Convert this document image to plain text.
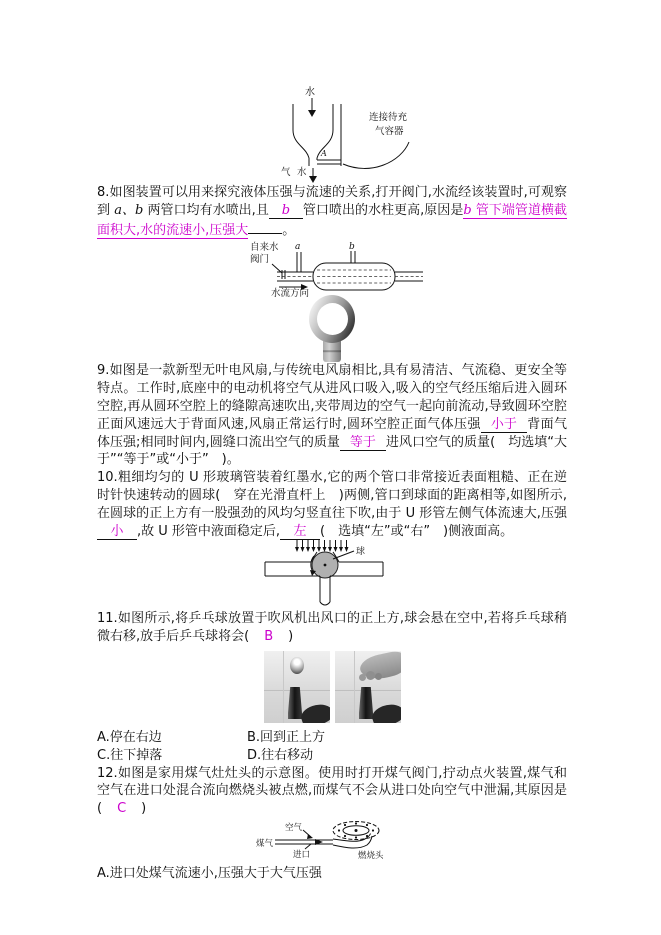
水
A
连接待充
气容器
气 水

8.如图装置可以用来探究液体压强与流速的关系,打开阀门,水流经该装置时,可观察到 a、b 两管口均有水喷出,且 b 管口喷出的水柱更高,原因是b 管下端管道横截面积大,水的流速小,压强大	。

自来水
阀门
a	b
水流方向

9.如图是一款新型无叶电风扇,与传统电风扇相比,具有易清洁、气流稳、更安全等特点。工作时,底座中的电动机将空气从进风口吸入,吸入的空气经压缩后进入圆环空腔,再从圆环空腔上的缝隙高速吹出,夹带周边的空气一起向前流动,导致圆环空腔正面风速远大于背面风速,风扇正常运行时,圆环空腔正面气体压强 小于 背面气体压强;相同时间内,圆缝口流出空气的质量 等于 进风口空气的质量(　均选填“大于”“等于”或“小于”　)。

10.粗细均匀的 U 形玻璃管装着红墨水,它的两个管口非常接近表面粗糙、正在逆时针快速转动的圆球(　穿在光滑直杆上　)两侧,管口到球面的距离相等,如图所示,在圆球的正上方有一股强劲的风均匀竖直往下吹,由于 U 形管左侧气体流速大,压强小 ,故 U 形管中液面稳定后, 左 (　选填“左”或“右”　)侧液面高。

球

11.如图所示,将乒乓球放置于吹风机出风口的正上方,球会悬在空中,若将乒乓球稍微右移,放手后乒乓球将会( B )

A.停在右边	B.回到正上方
C.往下掉落	D.往右移动

12.如图是家用煤气灶灶头的示意图。使用时打开煤气阀门,拧动点火装置,煤气和空气在进口处混合流向燃烧头被点燃,而煤气不会从进口处向空气中泄漏,其原因是( C )

空气
煤气
进口	燃烧头

A.进口处煤气流速小,压强大于大气压强
